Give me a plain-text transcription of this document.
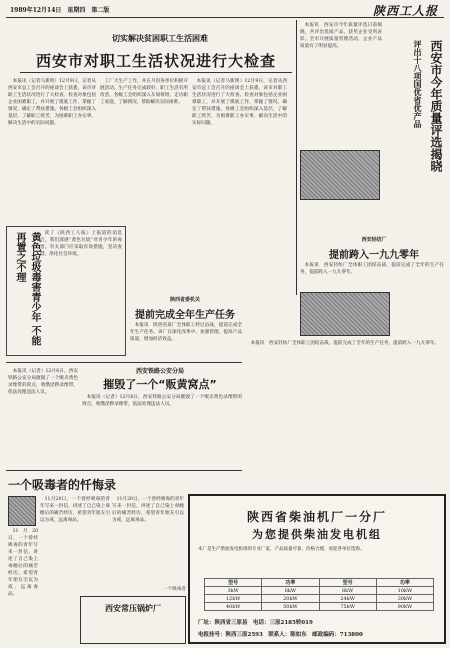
1989年12月14日　星期四　第二版	陕西工人报
切实解决贫困职工生活困难
西安市对职工生活状况进行大检查

本报讯（记者马新明）12月9日，记者从西安市总工会召开的座谈会上获悉，该市对职工生活状况进行了大检查。检查对象包括企业困难职工，并开展了摸底工作，掌握了情况，确定了帮扶措施。各级工会组织深入基层，了解职工疾苦，为困难职工办实事，解决生活中的实际问题。

工厂大生产工作，并在月份各单位积极开展活动。生产任务完成较好，职工生活有所改善。各级工会组织深入车间班组，走访职工家庭，了解情况，帮助解决实际困难。

本报讯（记者马新明）12月9日，记者从西安市总工会召开的座谈会上获悉，该市对职工生活状况进行了大检查。检查对象包括企业困难职工，并开展了摸底工作，掌握了情况，确定了帮扶措施。各级工会组织深入基层，了解职工疾苦，为困难职工办实事，解决生活中的实际问题。

本报讯　西安市今年质量评选日前揭晓，共评出优质产品，获奖企业受到表彰。全市开展质量管理活动，企业产品质量有了明显提高。	西安市今年质量评选揭晓
评出十八项国优省优产品
西安轻纺厂
提前跨入一九九零年

本报讯　西安轻纺厂全体职工团结奋战，提前完成了全年的生产任务，提前跨入一九九零年。

黄色垃圾毒害青少年 不能再置之不理	读了《陕西工人报》上报道的消息后，我们深感“黄色垃圾”对青少年的毒害。有关部门应采取有效措施，坚决查禁，净化社会环境。

陕西省委机关
提前完成全年生产任务

本报讯　陕西省某厂全体职工经过奋战，提前完成全年生产任务。该厂在深化改革中，加强管理，提高产品质量，增加经济效益。

本报讯　西安轻纺厂全体职工团结奋战，提前完成了全年的生产任务，提前跨入一九九零年。

西安铁路公安分局
摧毁了一个“贩黄窝点”

本报讯（记者）12月6日，西安铁路公安分局摧毁了一个贩卖黄色录像带的窝点，收缴淫秽录像带，依法处理违法人员。

本报讯（记者）12月6日，西安铁路公安分局摧毁了一个贩卖黄色录像带的窝点，收缴淫秽录像带，依法处理违法人员。

一个吸毒者的忏悔录

11月20日，一个曾经吸毒的青年写来一封信，讲述了自己染上毒瘾后的痛苦经历，希望青年朋友引以为戒，远离毒品。

11月20日，一个曾经吸毒的青年写来一封信，讲述了自己染上毒瘾后的痛苦经历，希望青年朋友引以为戒，远离毒品。

11月20日，一个曾经吸毒的青年写来一封信，讲述了自己染上毒瘾后的痛苦经历，希望青年朋友引以为戒，远离毒品。

一个吸毒者
西安常压锅炉厂
陕西省柴油机厂一分厂
为您提供柴油发电机组
本厂是生产柴油发电机组的专业厂家，产品质量可靠，价格合理，欢迎各单位选购。
型号	功率	型号	功率
3kW	6kW	8kW	10kW
12kW	20kW	24kW	30kW
40kW	50kW	75kW	90kW
厂址：陕西省三原县　电话：三原2185转019
电报挂号：陕西三原2593　联系人：陈如东　邮政编码：713800
